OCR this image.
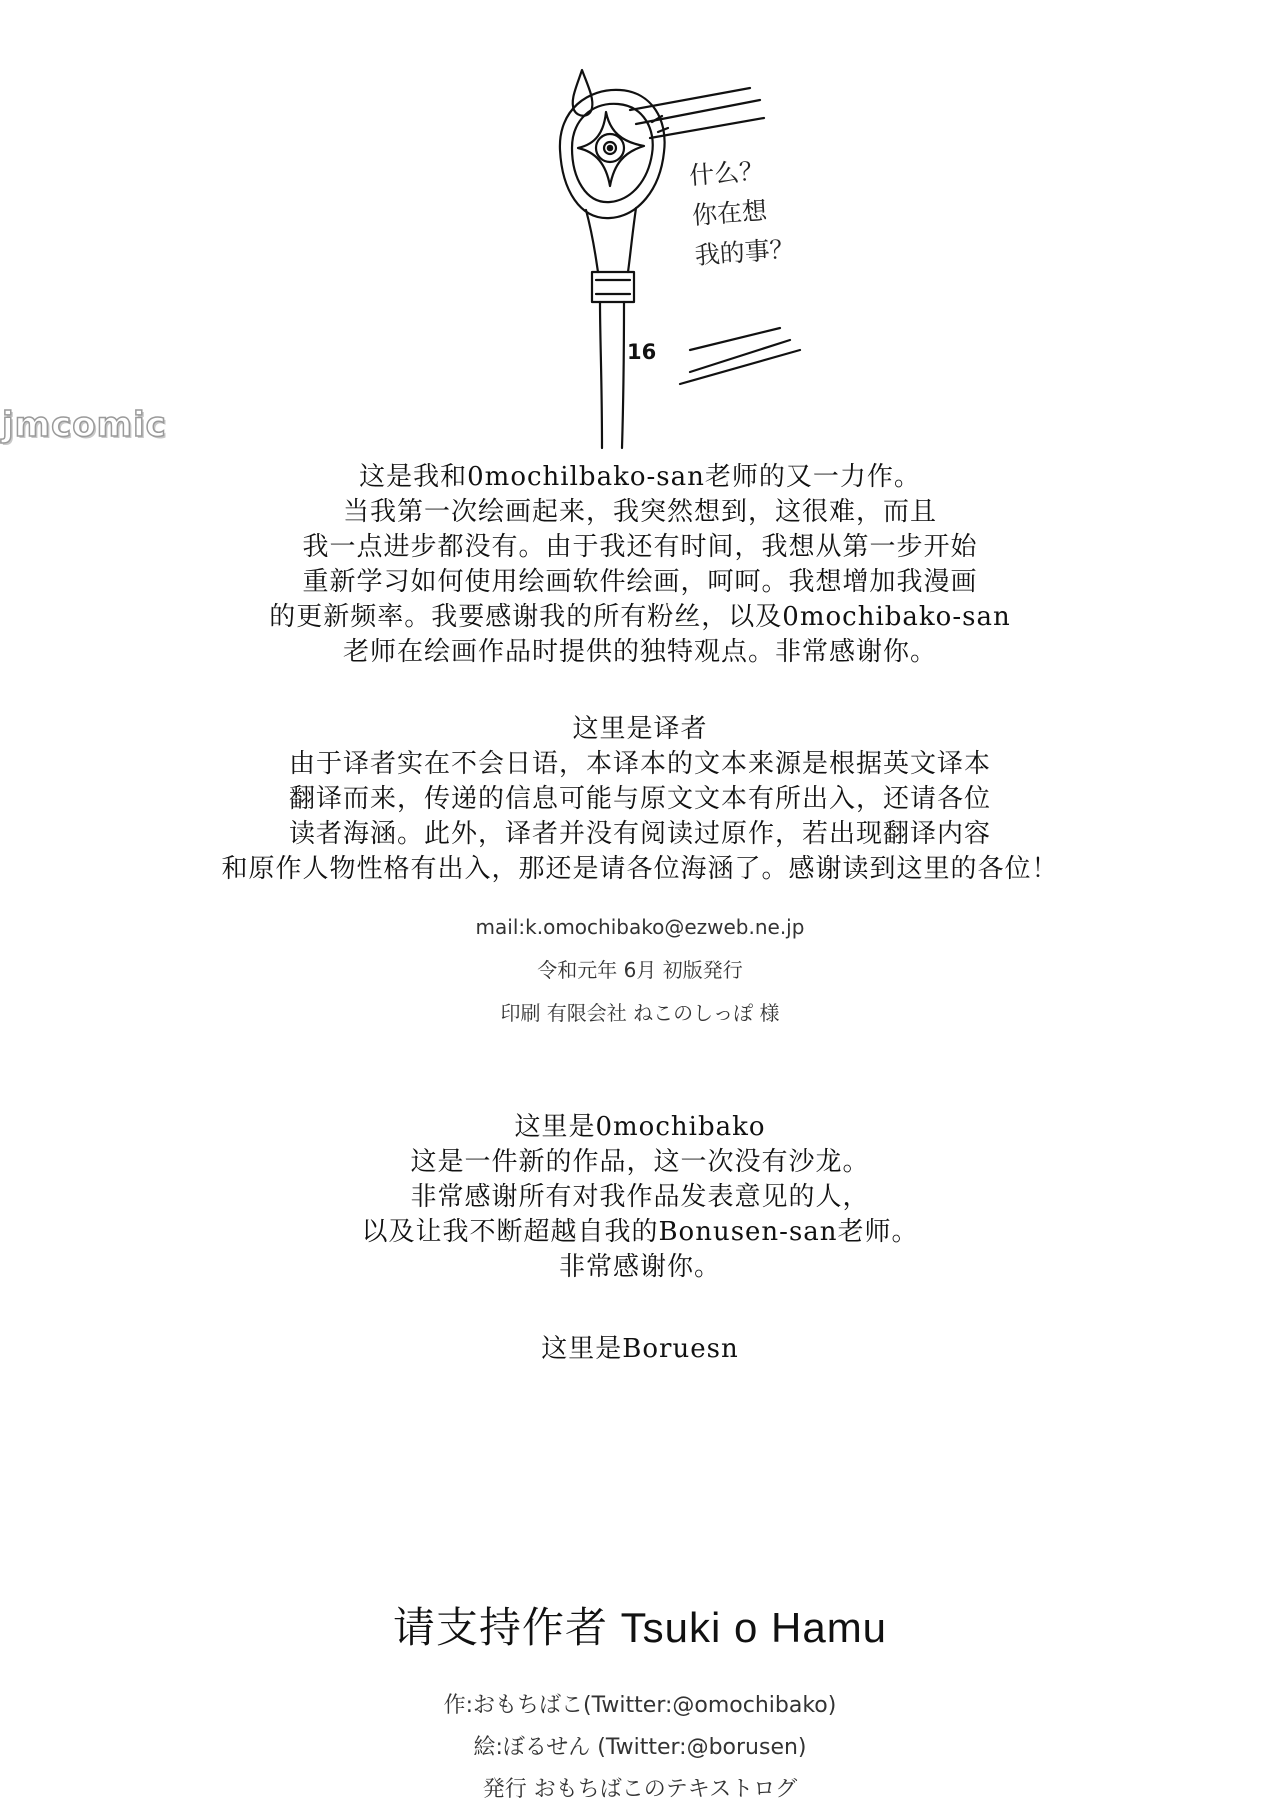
jmcomic
16
什么？
你在想
我的事？
这是我和0mochilbako-san老师的又一力作。
当我第一次绘画起来，我突然想到，这很难，而且
我一点进步都没有。由于我还有时间，我想从第一步开始
重新学习如何使用绘画软件绘画，呵呵。我想增加我漫画
的更新频率。我要感谢我的所有粉丝，以及0mochibako-san
老师在绘画作品时提供的独特观点。非常感谢你。
这里是译者
由于译者实在不会日语，本译本的文本来源是根据英文译本
翻译而来，传递的信息可能与原文文本有所出入，还请各位
读者海涵。此外，译者并没有阅读过原作，若出现翻译内容
和原作人物性格有出入，那还是请各位海涵了。感谢读到这里的各位！
mail:k.omochibako@ezweb.ne.jp
令和元年 6月 初版発行
印刷 有限会社 ねこのしっぽ 様
这里是0mochibako
这是一件新的作品，这一次没有沙龙。
非常感谢所有对我作品发表意见的人，
以及让我不断超越自我的Bonusen-san老师。
非常感谢你。
这里是Boruesn
请支持作者 Tsuki o Hamu
作:おもちばこ(Twitter:@omochibako)
絵:ぼるせん (Twitter:@borusen)
発行 おもちばこのテキストログ
